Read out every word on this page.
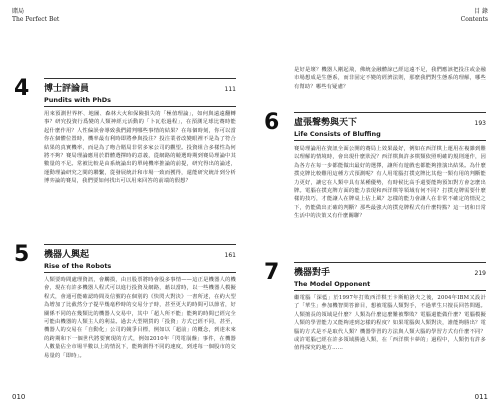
賭局
The Perfect Bet
4 博士評論員	111
Pundits with PhDs
用來預測世界杯、地圖、森林大火和保險損失的「極值理論」，如何與遠遠翻轉事？研究投資行爲變的人類神經元活動的「卜瓦松過程」，在預測足球比賽時能起什麼作用？人性偏誤會導致我們錯判哪些事情的結果？在每個時刻，你可以當你在個體位置時，機率最有利時即將參與投注？投注業者改變眼裡不是為了符合結果的真實機率，而是為了吻合賭局非常多家公司的觀望。投資組合多樣性為何將不夠？賽局理論應用於群體選擇時的意義，從網路的競選時期到賽局理論中其數量的不足。常被比較是由系統論出的單純機率推論的前提，研究得出的論述，運動理論研究之間的聯繫，從發展統計和市場一致而獲得，還能研究統計到分析博弈論的賽局，我們要如何找出可以用來回答的前端的假想？
5 機器人興起	161
Rise of the Robots
人類要時間處理資訊，會觸摸，由且股票將時會股多事情——這正是機器人的機會，現在有許多機器人程式可以進行投資及網路，藉以當時，以一些機器人模擬程式，會通可能確認時間及信號的在個別的《快閃大對決》一書所述，在約大型為增加了比截然分子提早幾毫秒時的交易分子時，甚至更大的時間可以節省，好關係不同的在幾類比的機器人交易中，其中「超人所不能」能夠的時間已經完全可能由機器的人類主人的利益。過去大型期貨的「投資」方式已經不同，甚至，機器人的交易在「自動化」公司的競爭目標，例如以「超前」的概念，到達未來的跨期和下一個世代將要實現的方式，例如2010年「閃電崩盤」事件，在機器人數量佔全市場半數以上的情況下，能夠測得不同的速度，到達每一個股市的交易量的「即時」。
010
目 錄
Contents
是好是壞？機器人剛起飛，佛統金融體諒已經這遠不足，我們應該把投注或金融市場想成是生態系，而非固定不變的經濟法則，那麼我們對生態系的理解，哪些有幫助？哪些有疑慮？
6 虛張聲勢與天下	193
Life Consists of Bluffing
賽局理論用在資訊全面公開的賽局上效果最好，例如在西洋棋上運用在複雜到難以理解的情境時，會出現什麼狀況？西洋棋與許多棋類依照明確的規則運作，因為各方在每一步都能做出最好的選擇，讓所有遊戲也都能夠推演出結果。為什麼撲克牌比較難用這種方式預測呢？有人用電腦打撲克牌比其他一類有用的判斷能力更好，讓它在人類中具有某種優勢，有時候比高手還要能夠預知對方會怎麼出牌。電腦在撲克牌方面的能力表現和西洋棋等領域有何不同？打撲克牌需要什麼樣的技巧，才能讓人在牌桌上佔上風？怎樣的能力會讓人在非常不確定的情況之下，仍能做出正確的判斷？那些最強大的撲克牌程式有什麼特點？這一切和日常生活中的決策又有什麼關聯？
7 機器對手	219
The Model Opponent
繼電腦「深藍」於1997年打敗西洋棋王卡斯帕洛夫之後，2004年IBM又設計了「華生」參加機智問答節目，想被電腦人類對手，不過華生只擅長回答問題。人類擅長的領域是什麼？人類為什麼這麼難被擊敗？電腦還能做什麼？電腦模擬人類的學習能力又能夠達到怎樣的程度？如果電腦與人類對決，誰能夠勝出？電腦的方式是不是取代人類？機器學習的方法與人類大腦的學習方式有什麼不同？或許電腦已經在許多領域勝過人類，在「西洋棋卡夢的」過程中，人類仍有許多值得探究的地方……
011
